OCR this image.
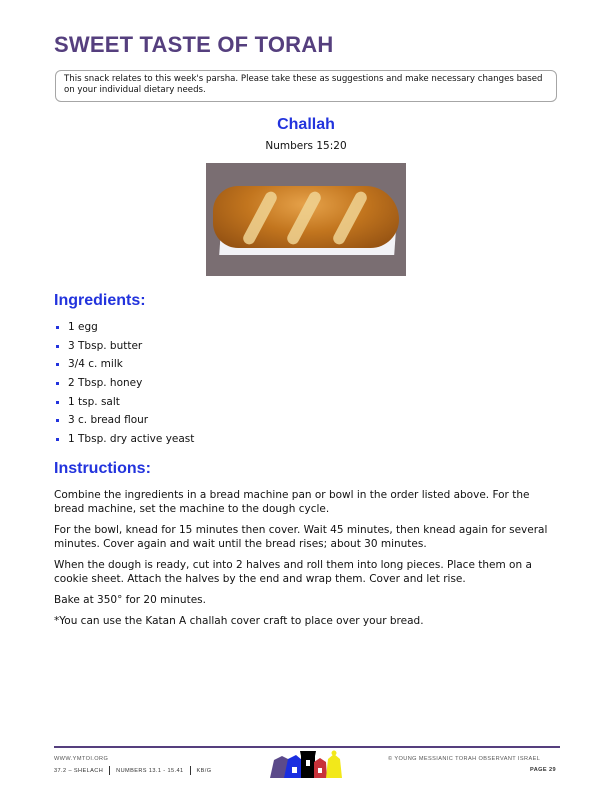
SWEET TASTE OF TORAH
This snack relates to this week's parsha. Please take these as suggestions and make necessary changes based on your individual dietary needs.
Challah
Numbers 15:20
Ingredients:
1 egg
3 Tbsp. butter
3/4 c. milk
2 Tbsp. honey
1 tsp. salt
3 c. bread flour
1 Tbsp. dry active yeast
Instructions:

Combine the ingredients in a bread machine pan or bowl in the order listed above. For the bread machine, set the machine to the dough cycle.

For the bowl, knead for 15 minutes then cover. Wait 45 minutes, then knead again for several minutes. Cover again and wait until the bread rises; about 30 minutes.

When the dough is ready, cut into 2 halves and roll them into long pieces. Place them on a cookie sheet. Attach the halves by the end and wrap them. Cover and let rise.

Bake at 350° for 20 minutes.

*You can use the Katan A challah cover craft to place over your bread.

WWW.YMTOI.ORG
37.2 – SHELACH NUMBERS 13.1 - 15.41 KB/G
© YOUNG MESSIANIC TORAH OBSERVANT ISRAEL
PAGE 29
